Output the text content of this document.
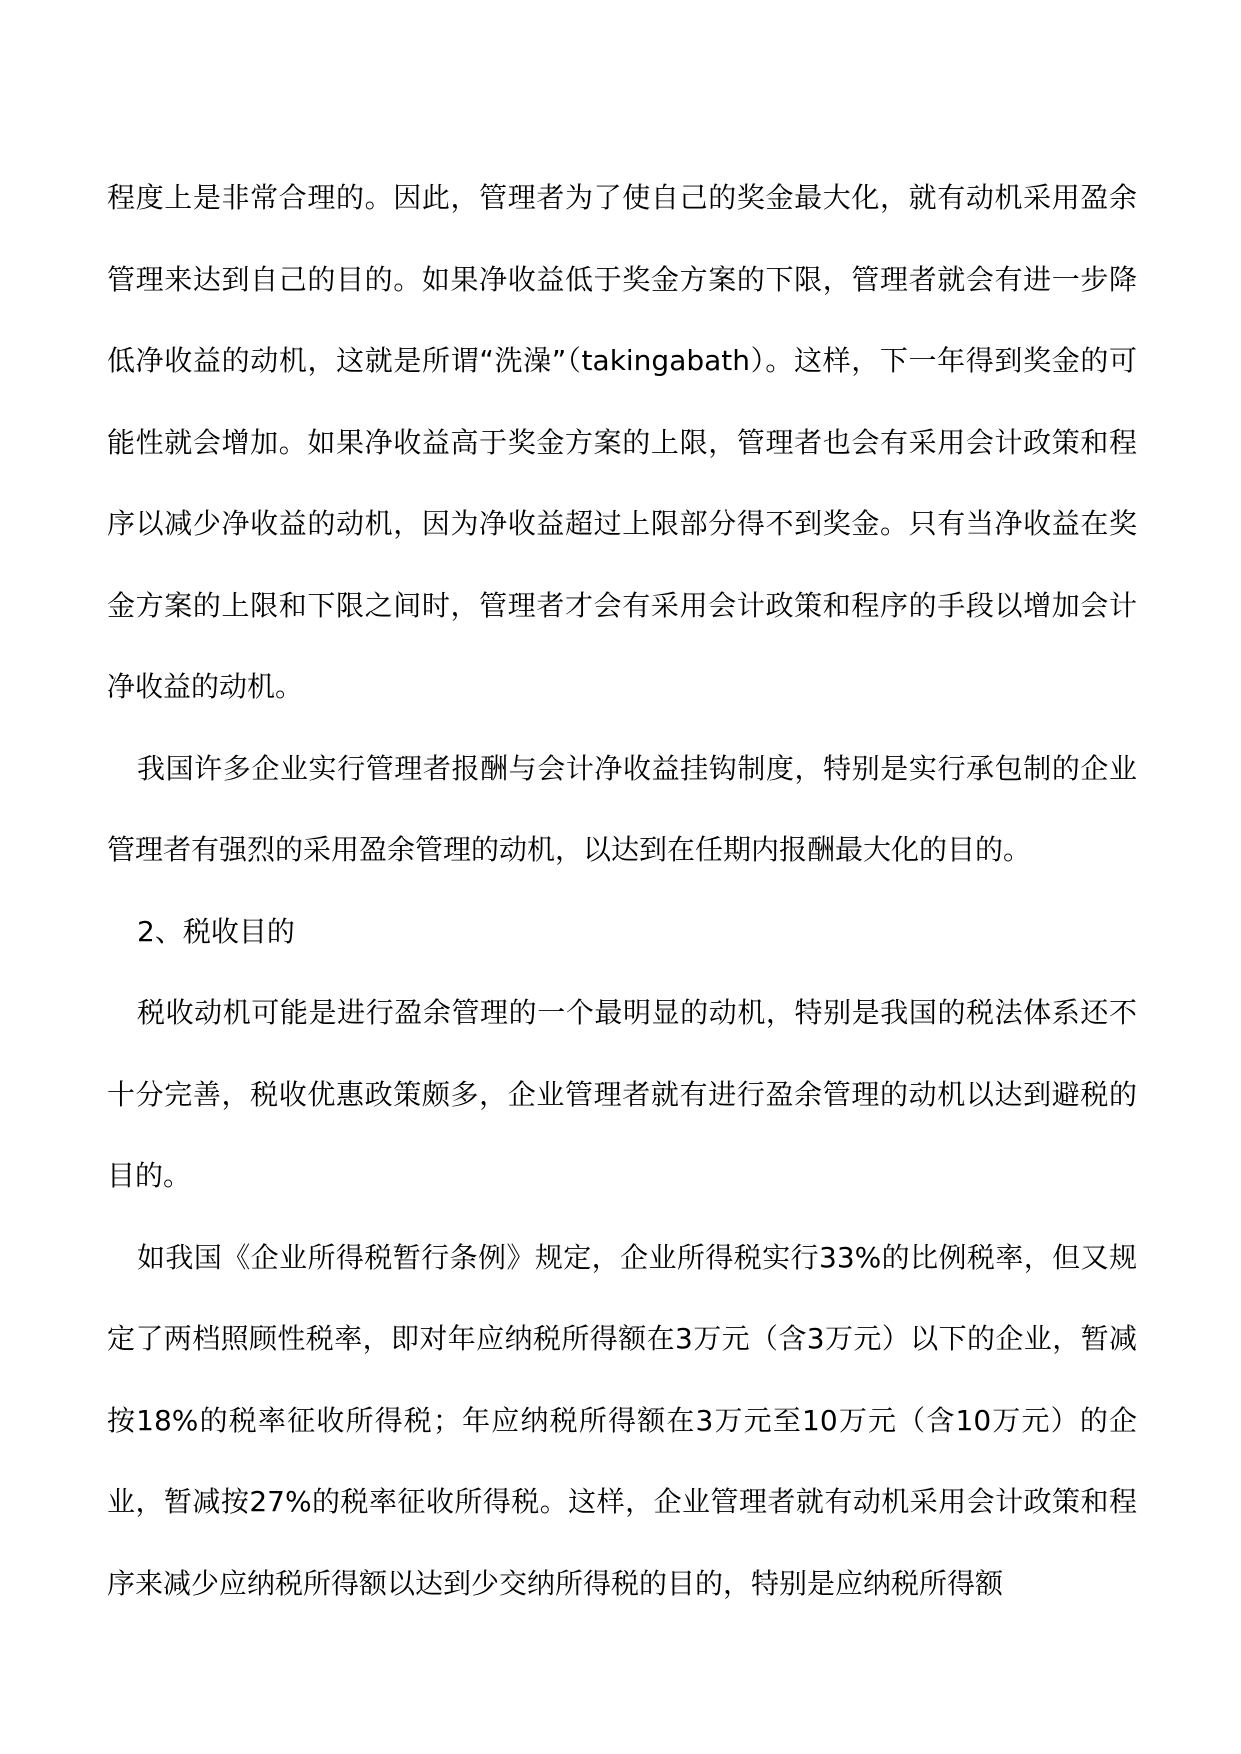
程度上是非常合理的。因此，管理者为了使自己的奖金最大化，就有动机采用盈余管理来达到自己的目的。如果净收益低于奖金方案的下限，管理者就会有进一步降低净收益的动机，这就是所谓“洗澡”（takingabath）。这样，下一年得到奖金的可能性就会增加。如果净收益高于奖金方案的上限，管理者也会有采用会计政策和程序以减少净收益的动机，因为净收益超过上限部分得不到奖金。只有当净收益在奖金方案的上限和下限之间时，管理者才会有采用会计政策和程序的手段以增加会计净收益的动机。

我国许多企业实行管理者报酬与会计净收益挂钩制度，特别是实行承包制的企业管理者有强烈的采用盈余管理的动机，以达到在任期内报酬最大化的目的。

2、税收目的

税收动机可能是进行盈余管理的一个最明显的动机，特别是我国的税法体系还不十分完善，税收优惠政策颇多，企业管理者就有进行盈余管理的动机以达到避税的目的。

如我国《企业所得税暂行条例》规定，企业所得税实行33%的比例税率，但又规定了两档照顾性税率，即对年应纳税所得额在3万元（含3万元）以下的企业，暂减按18%的税率征收所得税；年应纳税所得额在3万元至10万元（含10万元）的企业，暂减按27%的税率征收所得税。这样，企业管理者就有动机采用会计政策和程序来减少应纳税所得额以达到少交纳所得税的目的，特别是应纳税所得额
